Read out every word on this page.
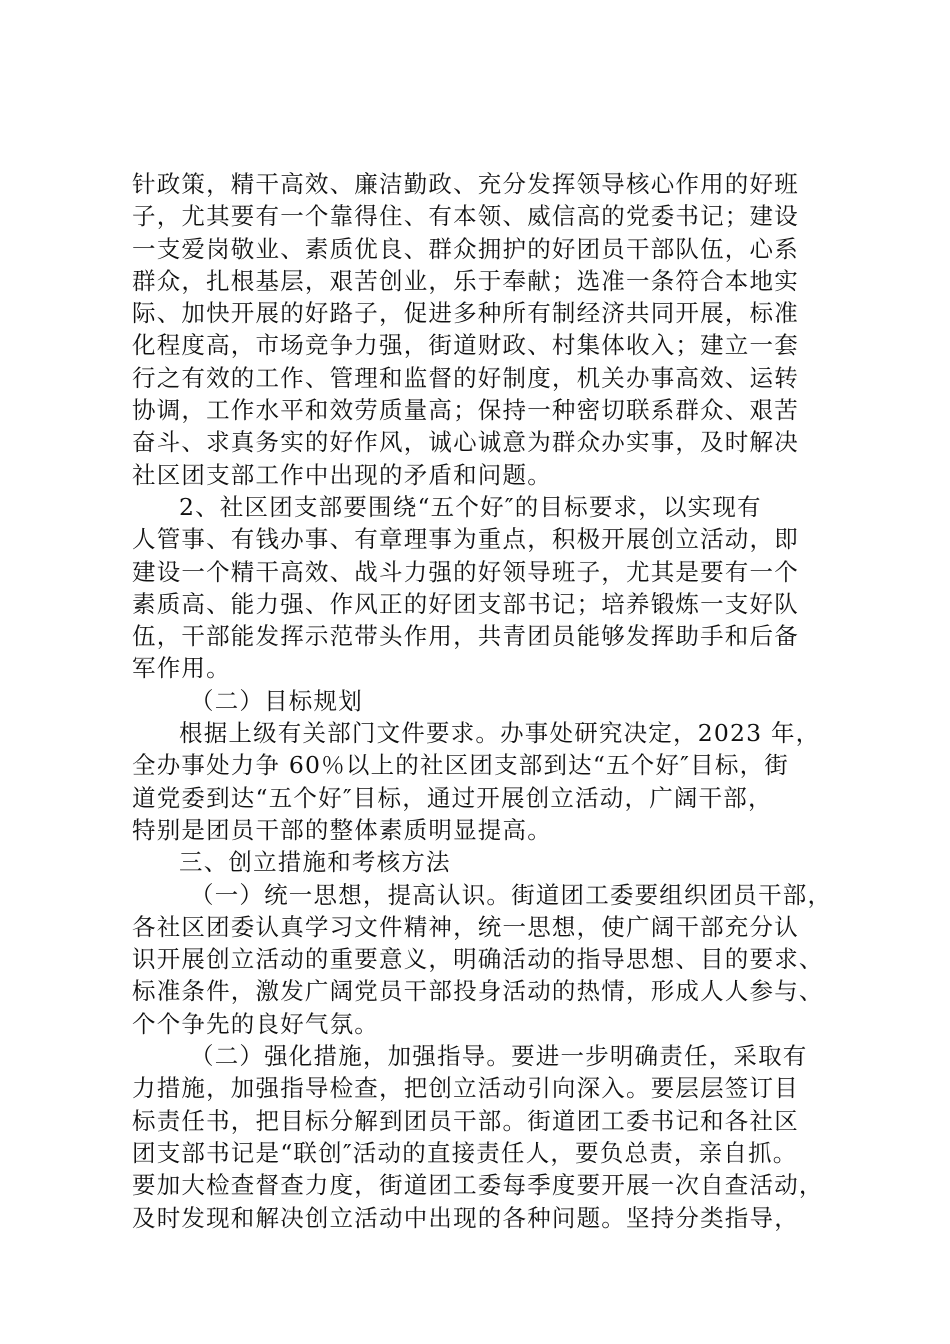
针政策，精干高效、廉洁勤政、充分发挥领导核心作用的好班
子，尤其要有一个靠得住、有本领、威信高的党委书记；建设
一支爱岗敬业、素质优良、群众拥护的好团员干部队伍，心系
群众，扎根基层，艰苦创业，乐于奉献；选准一条符合本地实
际、加快开展的好路子，促进多种所有制经济共同开展，标准
化程度高，市场竞争力强，街道财政、村集体收入；建立一套
行之有效的工作、管理和监督的好制度，机关办事高效、运转
协调，工作水平和效劳质量高；保持一种密切联系群众、艰苦
奋斗、求真务实的好作风，诚心诚意为群众办实事，及时解决
社区团支部工作中出现的矛盾和问题。
2、社区团支部要围绕“五个好″的目标要求，以实现有
人管事、有钱办事、有章理事为重点，积极开展创立活动，即
建设一个精干高效、战斗力强的好领导班子，尤其是要有一个
素质高、能力强、作风正的好团支部书记；培养锻炼一支好队
伍，干部能发挥示范带头作用，共青团员能够发挥助手和后备
军作用。
（二）目标规划
根据上级有关部门文件要求。办事处研究决定，2023 年，
全办事处力争 60％以上的社区团支部到达“五个好″目标，街
道党委到达“五个好″目标，通过开展创立活动，广阔干部，
特别是团员干部的整体素质明显提高。
三、创立措施和考核方法
（一）统一思想，提高认识。街道团工委要组织团员干部，
各社区团委认真学习文件精神，统一思想，使广阔干部充分认
识开展创立活动的重要意义，明确活动的指导思想、目的要求、
标准条件，激发广阔党员干部投身活动的热情，形成人人参与、
个个争先的良好气氛。
（二）强化措施，加强指导。要进一步明确责任，采取有
力措施，加强指导检查，把创立活动引向深入。要层层签订目
标责任书，把目标分解到团员干部。街道团工委书记和各社区
团支部书记是“联创″活动的直接责任人，要负总责，亲自抓。
要加大检查督查力度，街道团工委每季度要开展一次自查活动，
及时发现和解决创立活动中出现的各种问题。坚持分类指导，
